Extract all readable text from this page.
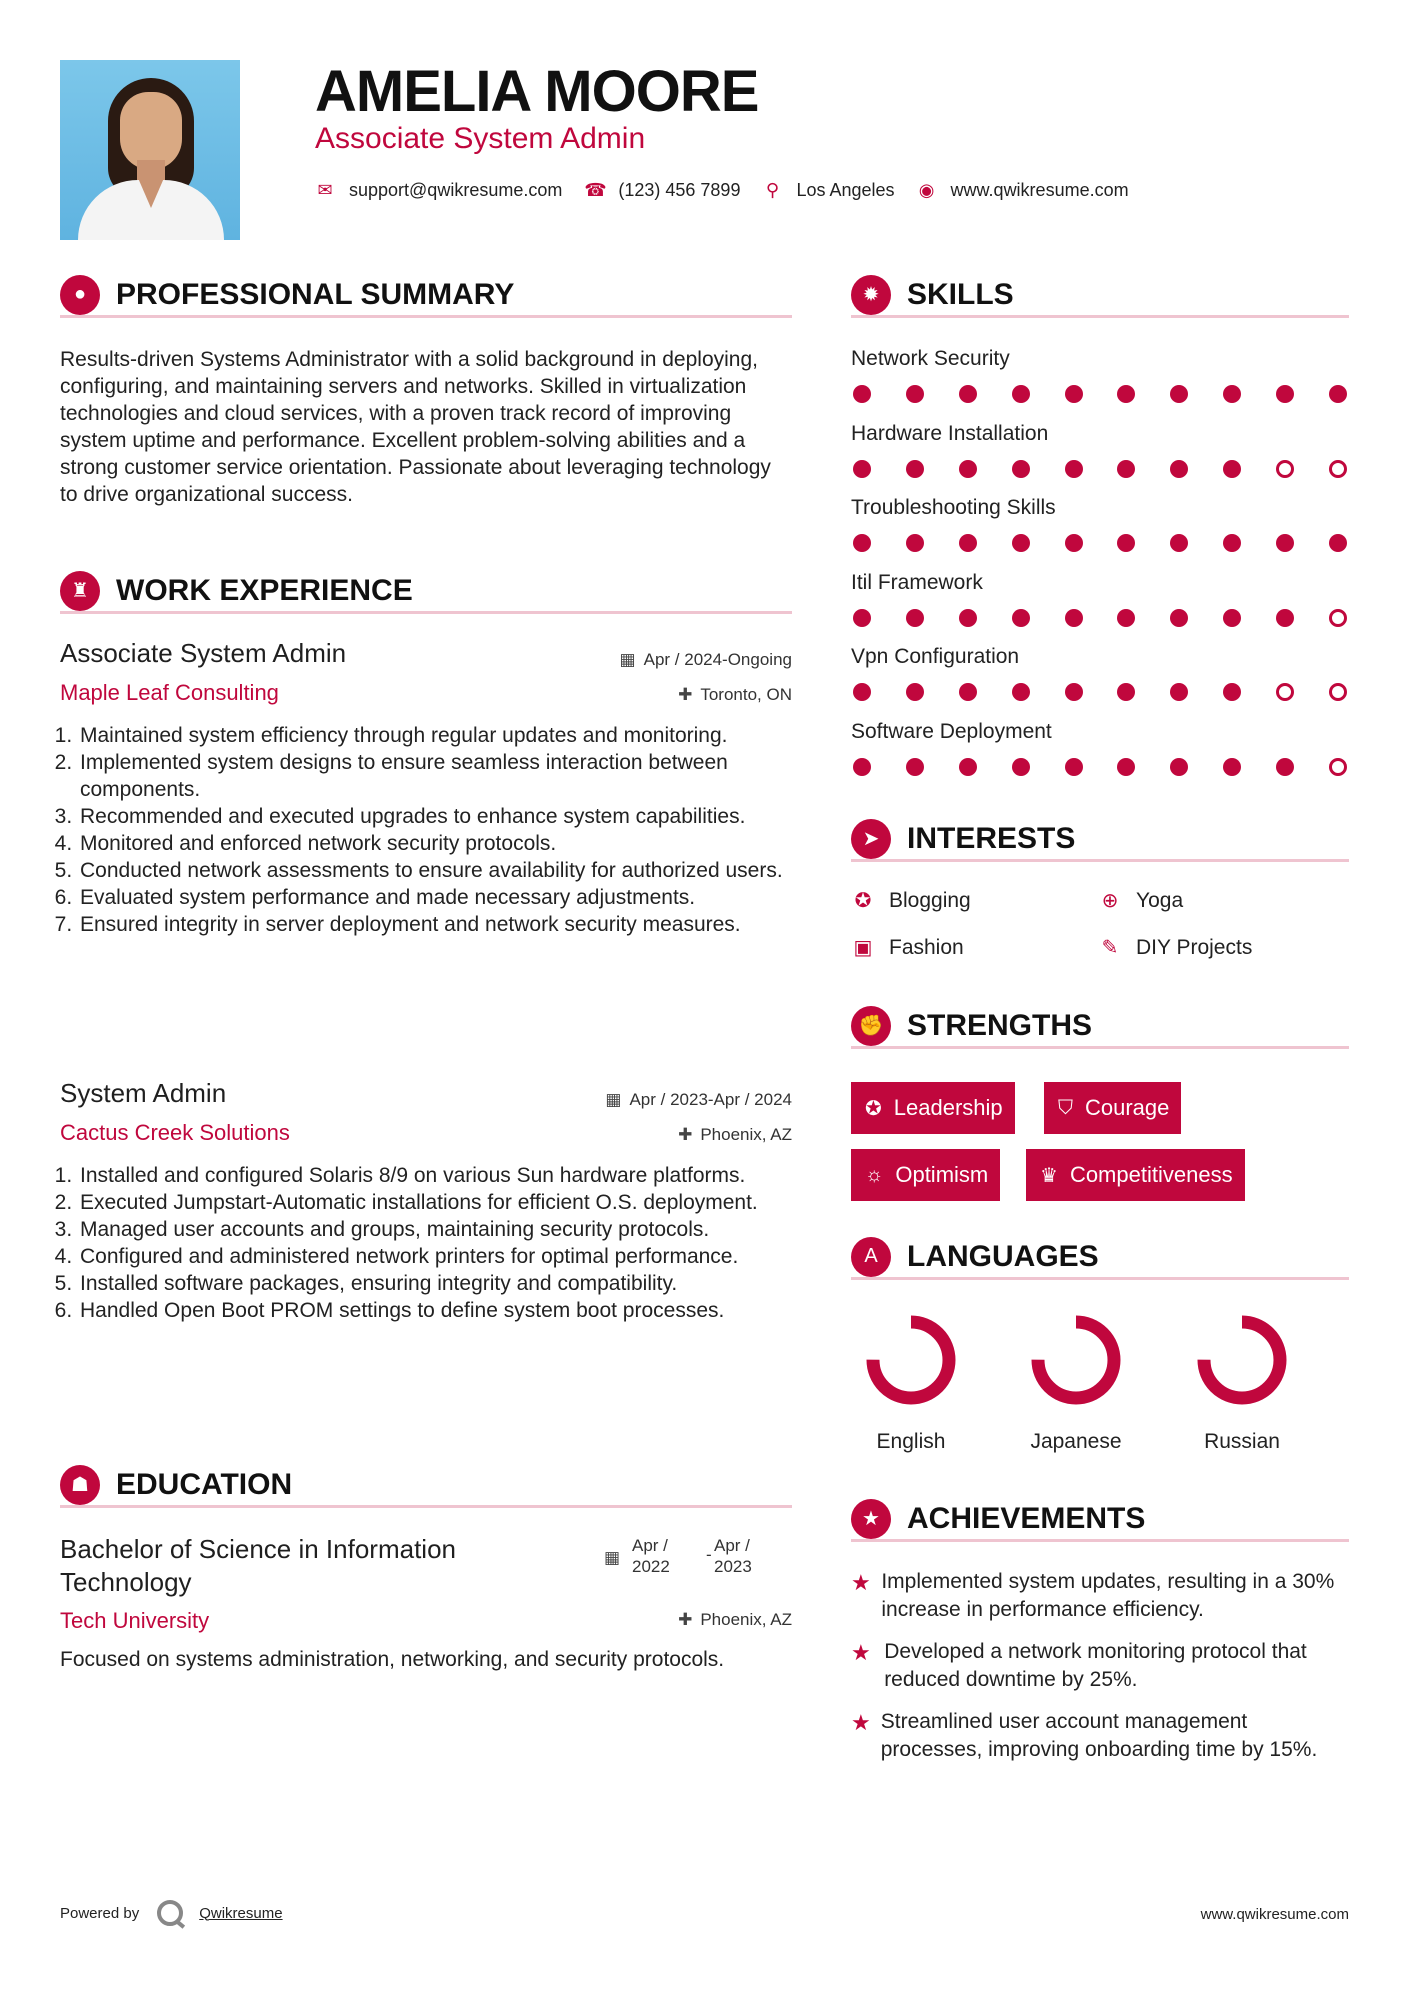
AMELIA MOORE
Associate System Admin
✉ support@qwikresume.com ☎ (123) 456 7899 ⚲ Los Angeles ◉ www.qwikresume.com
● PROFESSIONAL SUMMARY
Results-driven Systems Administrator with a solid background in deploying, configuring, and maintaining servers and networks. Skilled in virtualization technologies and cloud services, with a proven track record of improving system uptime and performance. Excellent problem-solving abilities and a strong customer service orientation. Passionate about leveraging technology to drive organizational success.
♜ WORK EXPERIENCE
Associate System Admin	▦ Apr / 2024-Ongoing
Maple Leaf Consulting	✚ Toronto, ON
1. Maintained system efficiency through regular updates and monitoring.
2. Implemented system designs to ensure seamless interaction between components.
3. Recommended and executed upgrades to enhance system capabilities.
4. Monitored and enforced network security protocols.
5. Conducted network assessments to ensure availability for authorized users.
6. Evaluated system performance and made necessary adjustments.
7. Ensured integrity in server deployment and network security measures.
System Admin	▦ Apr / 2023-Apr / 2024
Cactus Creek Solutions	✚ Phoenix, AZ
1. Installed and configured Solaris 8/9 on various Sun hardware platforms.
2. Executed Jumpstart-Automatic installations for efficient O.S. deployment.
3. Managed user accounts and groups, maintaining security protocols.
4. Configured and administered network printers for optimal performance.
5. Installed software packages, ensuring integrity and compatibility.
6. Handled Open Boot PROM settings to define system boot processes.
☗ EDUCATION
Bachelor of Science in Information Technology
▦
Apr / 2022
- Apr / 2023
Tech University	✚ Phoenix, AZ
Focused on systems administration, networking, and security protocols.
✹ SKILLS
Network Security
Hardware Installation
Troubleshooting Skills
Itil Framework
Vpn Configuration
Software Deployment
➤ INTERESTS
✪ Blogging	⊕ Yoga
▣ Fashion	✎ DIY Projects
✊ STRENGTHS
✪ Leadership	⛉ Courage
☼ Optimism	♛ Competitiveness
A LANGUAGES
English	Japanese	Russian
★ ACHIEVEMENTS
★ Implemented system updates, resulting in a 30% increase in performance efficiency.
★ Developed a network monitoring protocol that reduced downtime by 25%.
★ Streamlined user account management processes, improving onboarding time by 15%.
Powered by	Qwikresume	www.qwikresume.com
